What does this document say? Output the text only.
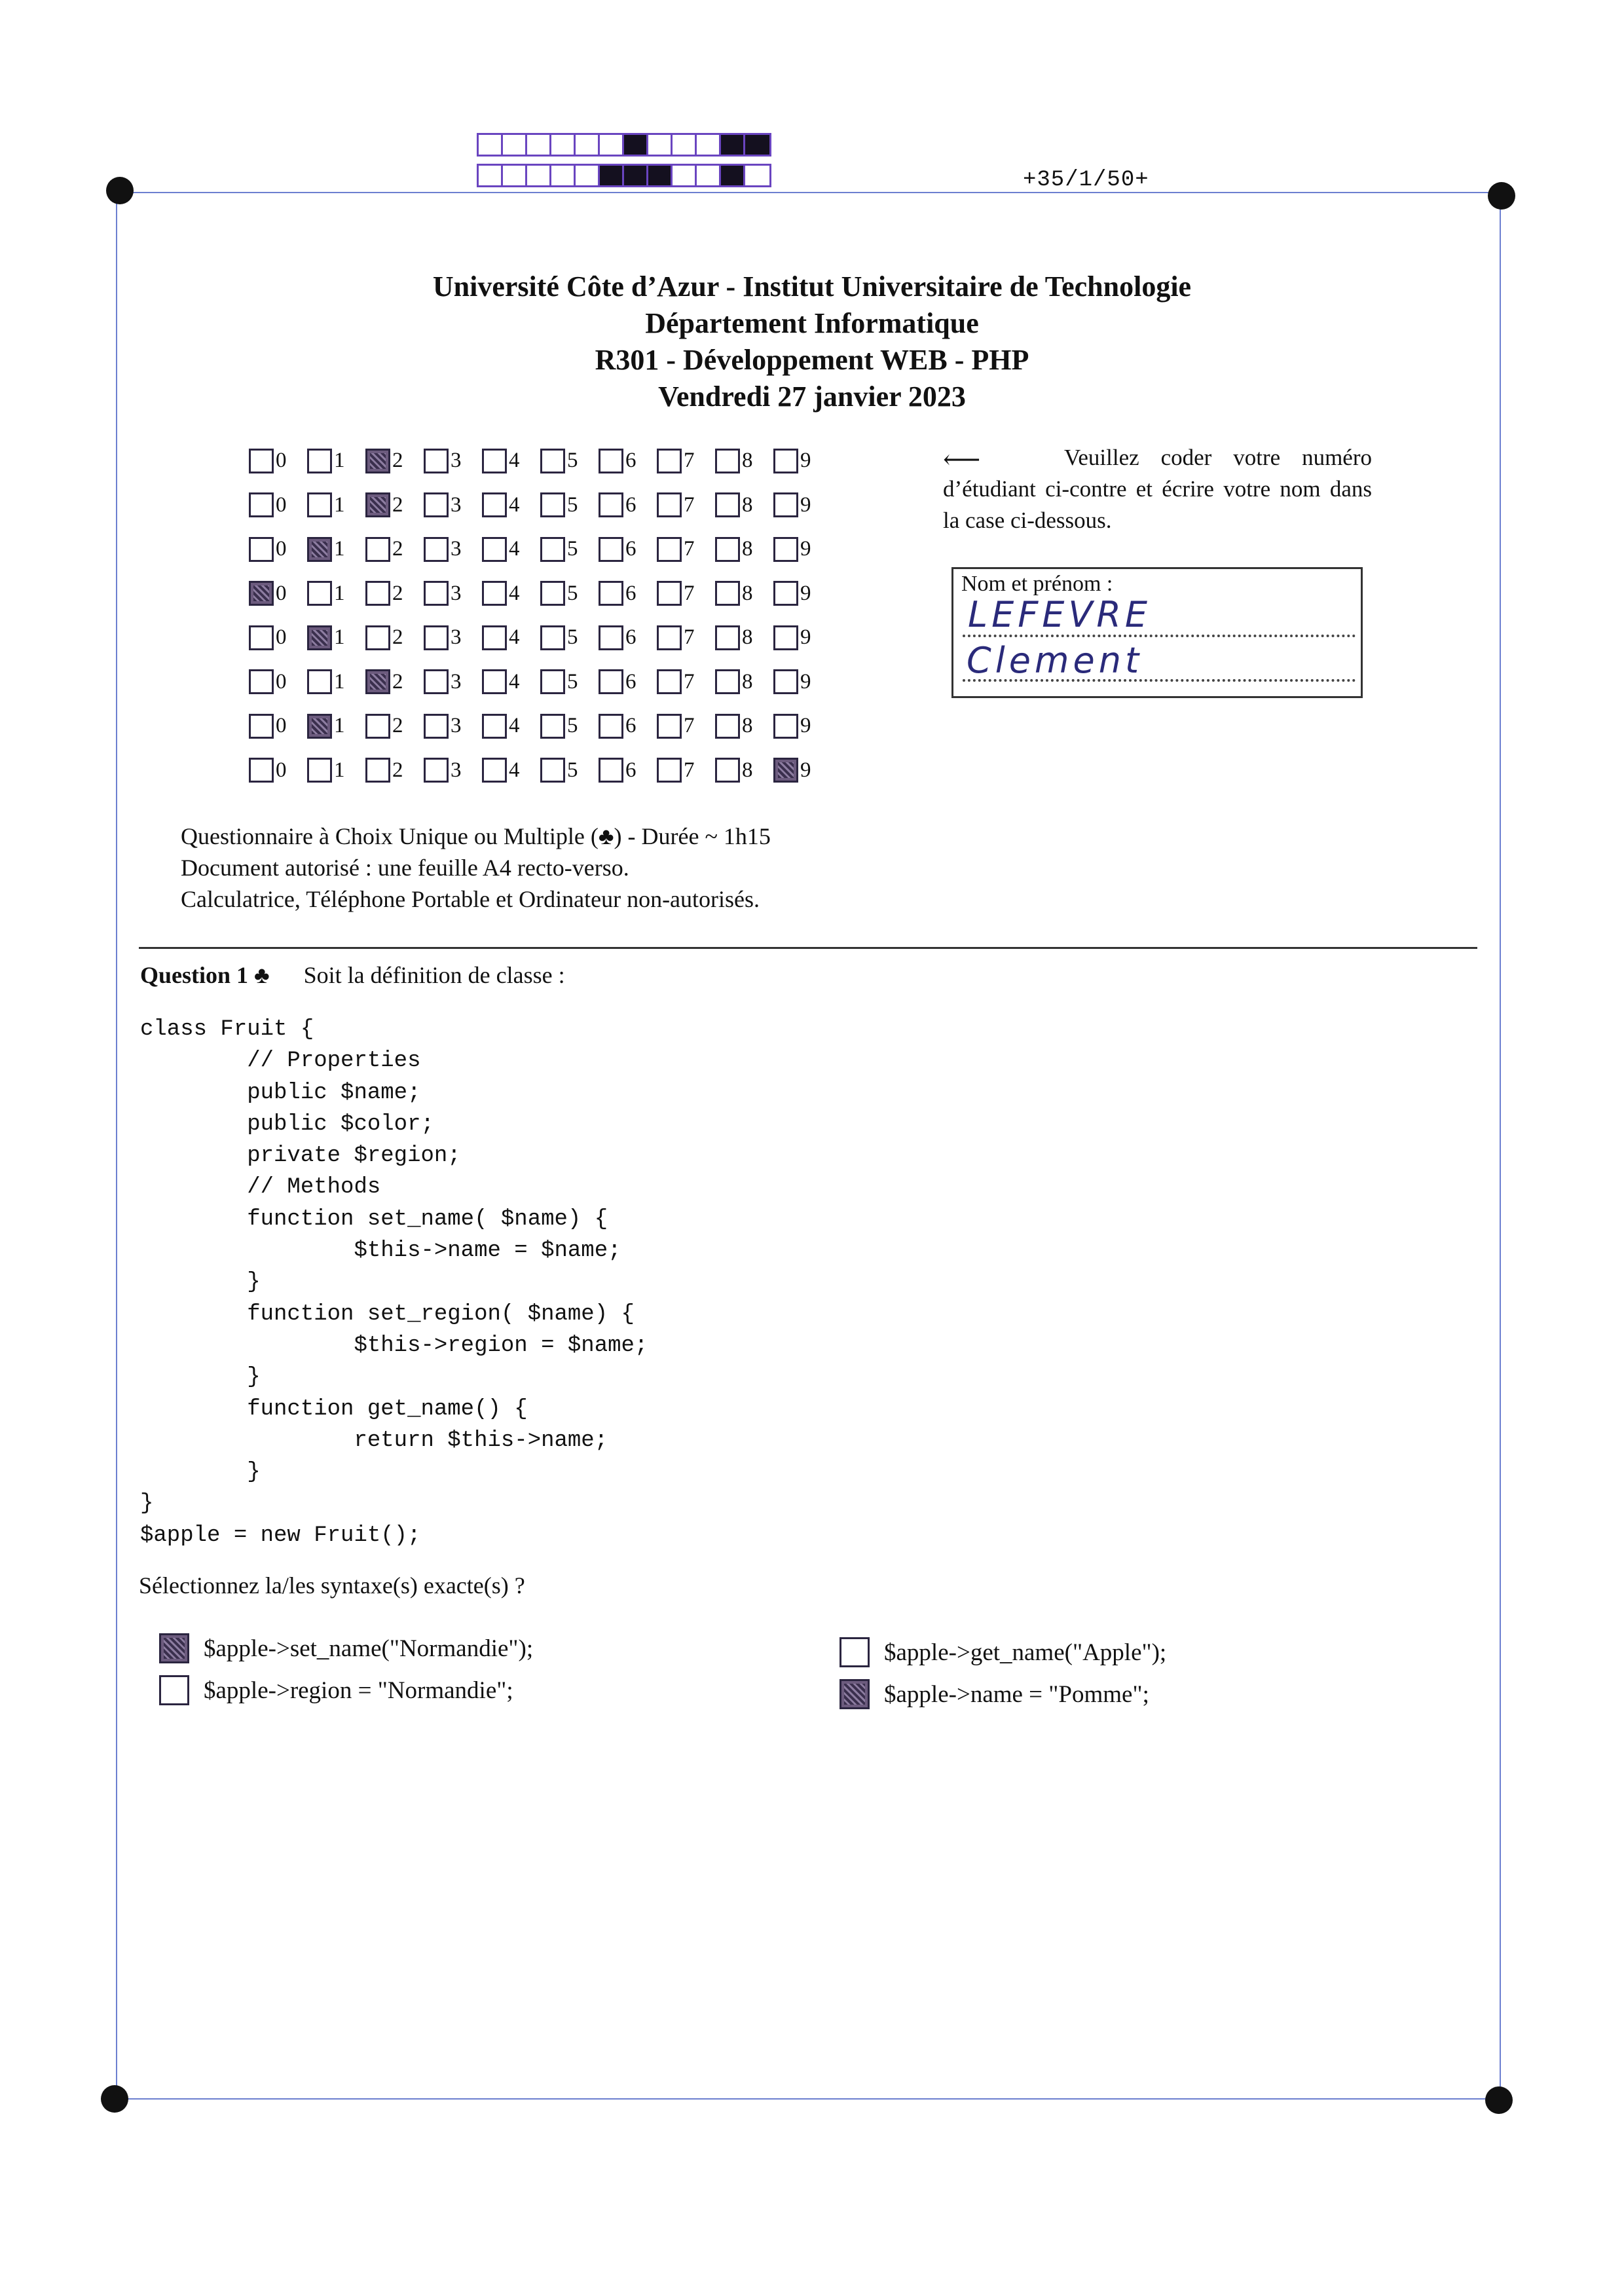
+35/1/50+
Université Côte d’Azur - Institut Universitaire de Technologie
Département Informatique
R301 - Développement WEB - PHP
Vendredi 27 janvier 2023
0 1 2 3 4 5 6 7 8 9
0 1 2 3 4 5 6 7 8 9
0 1 2 3 4 5 6 7 8 9
0 1 2 3 4 5 6 7 8 9
0 1 2 3 4 5 6 7 8 9
0 1 2 3 4 5 6 7 8 9
0 1 2 3 4 5 6 7 8 9
0 1 2 3 4 5 6 7 8 9
⟵	Veuillez coder votre numéro d’étudiant ci-contre et écrire votre nom dans la case ci-dessous.
Nom et prénom :
LEFEVRE
Clement
Questionnaire à Choix Unique ou Multiple (♣) - Durée ~ 1h15
Document autorisé : une feuille A4 recto-verso.
Calculatrice, Téléphone Portable et Ordinateur non-autorisés.
Question 1 ♣ Soit la définition de classe :
class Fruit {
// Properties
public $name;
public $color;
private $region;
// Methods
function set_name( $name) {
$this->name = $name;
}
function set_region( $name) {
$this->region = $name;
}
function get_name() {
return $this->name;
}
}
$apple = new Fruit();
Sélectionnez la/les syntaxe(s) exacte(s) ?
$apple->set_name("Normandie");
$apple->region = "Normandie";
$apple->get_name("Apple");
$apple->name = "Pomme";
